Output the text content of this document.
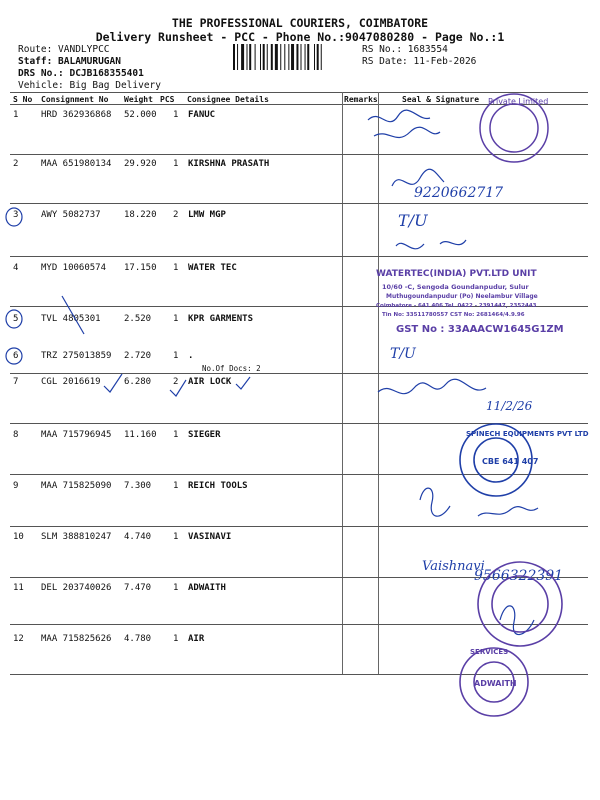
THE PROFESSIONAL COURIERS, COIMBATORE
Delivery Runsheet - PCC - Phone No.:9047080280 - Page No.:1
Route: VANDLYPCC
Staff: BALAMURUGAN
DRS No.: DCJB168355401
Vehicle: Big Bag Delivery
RS No.: 1683554
RS Date: 11-Feb-2026
S No Consignment No Weight PCS Consignee Details	Remarks	Seal & Signature
1	HRD 362936868 52.000 1 FANUC
2	MAA 651980134 29.920 1 KIRSHNA PRASATH
3	AWY 5082737	18.220 2 LMW MGP
4	MYD 10060574 17.150 1 WATER TEC
5	TVL 4805301	2.520 1 KPR GARMENTS
6	TRZ 275013859 2.720 1 .
No.Of Docs: 2
7	CGL 2016619	6.280 2 AIR LOCK
8	MAA 715796945 11.160 1 SIEGER
9	MAA 715825090 7.300 1 REICH TOOLS
10 SLM 388810247 4.740 1 VASINAVI
11 DEL 203740026 7.470 1 ADWAITH
12 MAA 715825626 4.780 1 AIR
9220662717
T/U
T/U
11/2/26
Vaishnavi
9566322391
Private Limited
WATERTEC(INDIA) PVT.LTD UNIT
10/60 -C, Sengoda Goundanpudur, Sulur
Muthugoundanpudur (Po) Neelambur Village
Coimbatore - 641 406 Tel. 0422 - 2391447, 2352443
Tin No: 33511780557 CST No: 2681464/4.9.96
GST No : 33AAACW1645G1ZM
SPINECH EQUIPMENTS PVT LTD
CBE 641 407
SERVICES
ADWAITH
